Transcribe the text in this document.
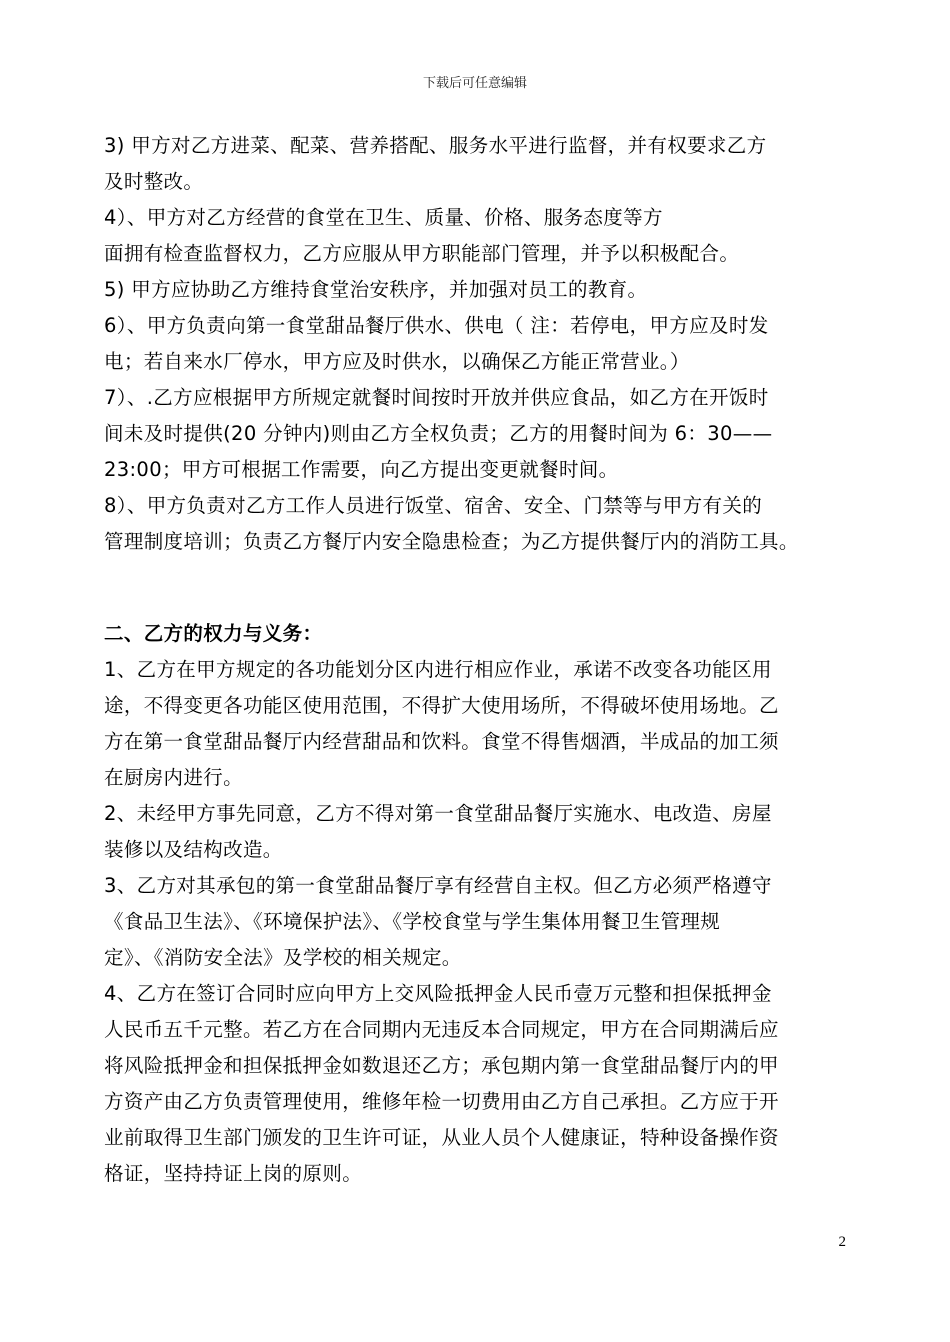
下载后可任意编辑
3) 甲方对乙方进菜、配菜、营养搭配、服务水平进行监督，并有权要求乙方
及时整改。
4）、甲方对乙方经营的食堂在卫生、质量、价格、服务态度等方
面拥有检查监督权力，乙方应服从甲方职能部门管理，并予以积极配合。
5) 甲方应协助乙方维持食堂治安秩序，并加强对员工的教育。
6）、甲方负责向第一食堂甜品餐厅供水、供电（ 注：若停电，甲方应及时发
电；若自来水厂停水，甲方应及时供水，以确保乙方能正常营业。）
7）、.乙方应根据甲方所规定就餐时间按时开放并供应食品，如乙方在开饭时
间未及时提供(20 分钟内)则由乙方全权负责；乙方的用餐时间为 6：30——
23:00；甲方可根据工作需要，向乙方提出变更就餐时间。
8）、甲方负责对乙方工作人员进行饭堂、宿舍、安全、门禁等与甲方有关的
管理制度培训；负责乙方餐厅内安全隐患检查；为乙方提供餐厅内的消防工具。
二、乙方的权力与义务：
1、乙方在甲方规定的各功能划分区内进行相应作业，承诺不改变各功能区用
途，不得变更各功能区使用范围，不得扩大使用场所，不得破坏使用场地。乙
方在第一食堂甜品餐厅内经营甜品和饮料。食堂不得售烟酒，半成品的加工须
在厨房内进行。
2、未经甲方事先同意，乙方不得对第一食堂甜品餐厅实施水、电改造、房屋
装修以及结构改造。
3、乙方对其承包的第一食堂甜品餐厅享有经营自主权。但乙方必须严格遵守
《食品卫生法》、《环境保护法》、《学校食堂与学生集体用餐卫生管理规
定》、《消防安全法》及学校的相关规定。
4、乙方在签订合同时应向甲方上交风险抵押金人民币壹万元整和担保抵押金
人民币五千元整。若乙方在合同期内无违反本合同规定，甲方在合同期满后应
将风险抵押金和担保抵押金如数退还乙方；承包期内第一食堂甜品餐厅内的甲
方资产由乙方负责管理使用，维修年检一切费用由乙方自己承担。乙方应于开
业前取得卫生部门颁发的卫生许可证，从业人员个人健康证，特种设备操作资
格证，坚持持证上岗的原则。
2
